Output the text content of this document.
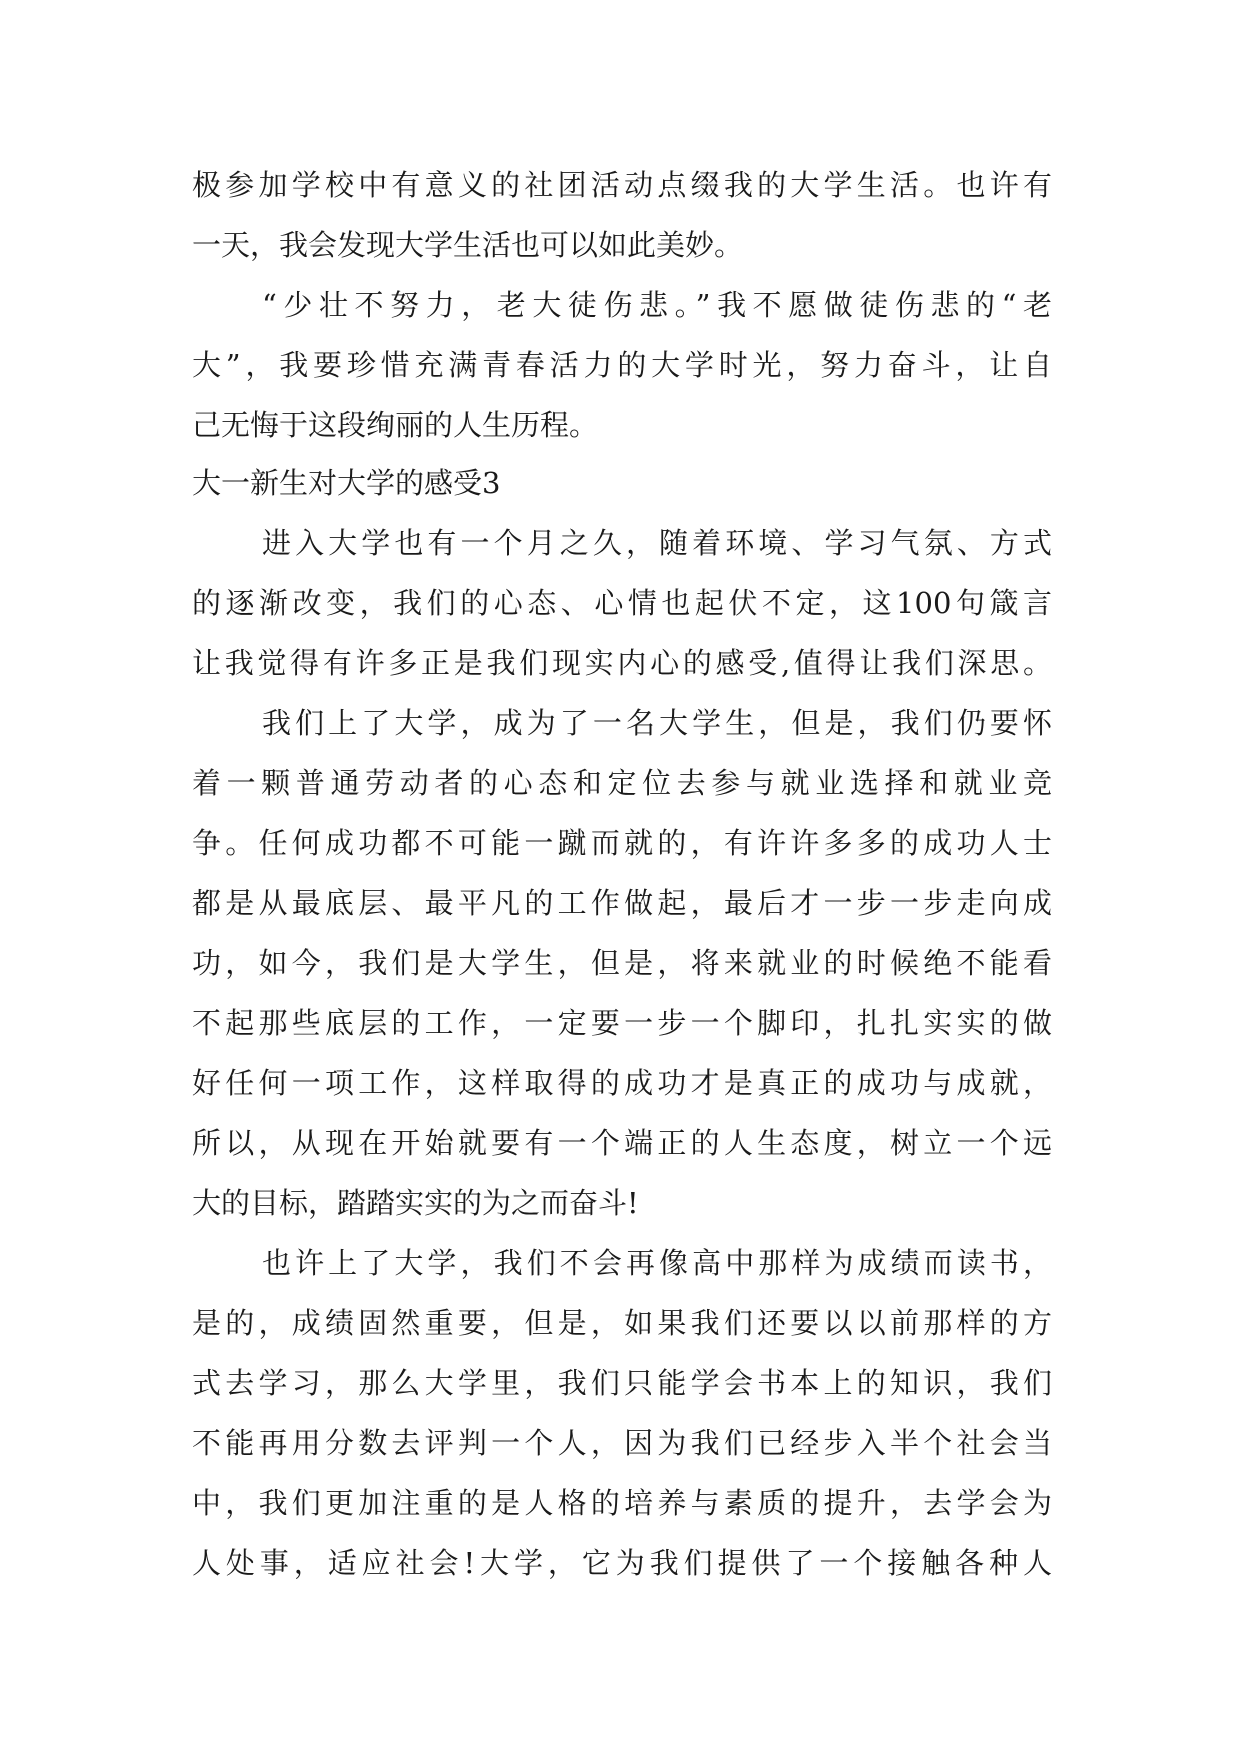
极参加学校中有意义的社团活动点缀我的大学生活。也许有
一天，我会发现大学生活也可以如此美妙。
“少壮不努力，老大徒伤悲。”我不愿做徒伤悲的“老
大”，我要珍惜充满青春活力的大学时光，努力奋斗，让自
己无悔于这段绚丽的人生历程。
大一新生对大学的感受3
进入大学也有一个月之久，随着环境、学习气氛、方式
的逐渐改变，我们的心态、心情也起伏不定，这100句箴言
让我觉得有许多正是我们现实内心的感受,值得让我们深思。
我们上了大学，成为了一名大学生，但是，我们仍要怀
着一颗普通劳动者的心态和定位去参与就业选择和就业竞
争。任何成功都不可能一蹴而就的，有许许多多的成功人士
都是从最底层、最平凡的工作做起，最后才一步一步走向成
功，如今，我们是大学生，但是，将来就业的时候绝不能看
不起那些底层的工作，一定要一步一个脚印，扎扎实实的做
好任何一项工作，这样取得的成功才是真正的成功与成就，
所以，从现在开始就要有一个端正的人生态度，树立一个远
大的目标，踏踏实实的为之而奋斗!
也许上了大学，我们不会再像高中那样为成绩而读书，
是的，成绩固然重要，但是，如果我们还要以以前那样的方
式去学习，那么大学里，我们只能学会书本上的知识，我们
不能再用分数去评判一个人，因为我们已经步入半个社会当
中，我们更加注重的是人格的培养与素质的提升，去学会为
人处事，适应社会!大学，它为我们提供了一个接触各种人
